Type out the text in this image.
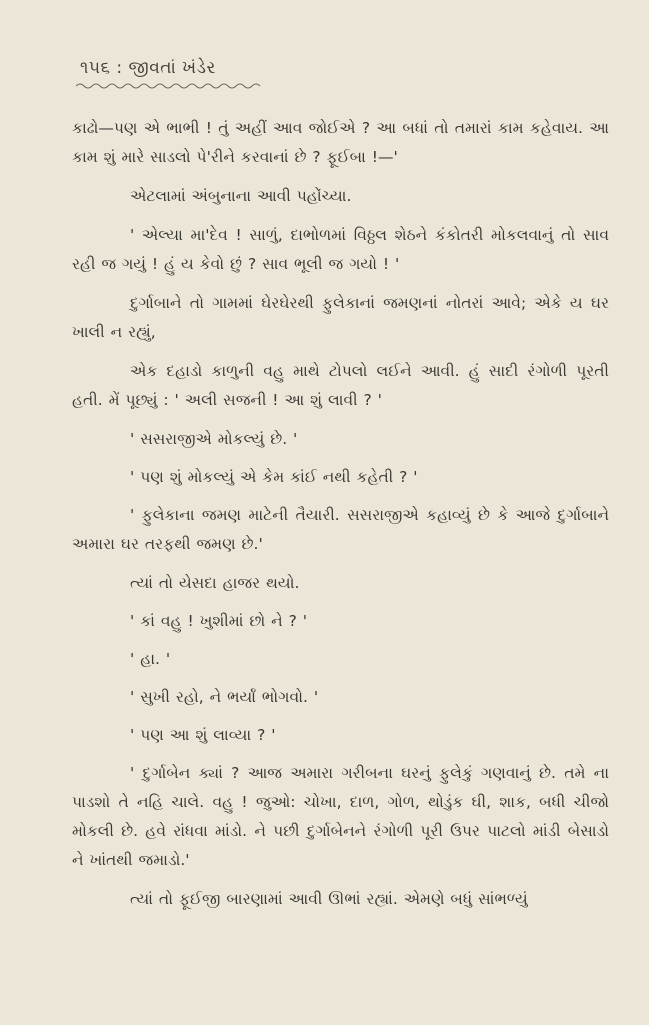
૧૫૬ : જીવતાં ખંડેર

કાઢો—પણ એ ભાભી ! તું અહીં આવ જોઈએ ? આ બધાં તો તમારાં કામ કહેવાય. આ કામ શું મારે સાડલો પે'રીને કરવાનાં છે ? ફૂઈબા !—'

એટલામાં અંબુનાના આવી પહોંચ્યા.

' એલ્યા મા'દેવ ! સાળું, દાભોળમાં વિઠ્ઠલ શેઠને કંકોતરી મોકલવાનું તો સાવ રહી જ ગયું ! હું ય કેવો છું ? સાવ ભૂલી જ ગયો ! '

દુર્ગાબાને તો ગામમાં ઘેરઘેરથી ફુલેકાનાં જમણનાં નોતરાં આવે; એકે ય ઘર ખાલી ન રહ્યું,

એક દહાડો કાળુની વહુ માથે ટોપલો લઈને આવી. હું સાદી રંગોળી પૂરતી હતી. મેં પૂછ્યું : ' અલી સજની ! આ શું લાવી ? '

' સસરાજીએ મોકલ્યું છે. '

' પણ શું મોકલ્યું એ કેમ કાંઈ નથી કહેતી ? '

' ફુલેકાના જમણ માટેની તૈયારી. સસરાજીએ કહાવ્યું છે કે આજે દુર્ગાબાને અમારા ઘર તરફથી જમણ છે.'

ત્યાં તો યેસદા હાજર થયો.

' કાં વહુ ! ખુશીમાં છો ને ? '

' હા. '

' સુખી રહો, ને ભર્યાં ભોગવો. '

' પણ આ શું લાવ્યા ? '

' દુર્ગાબેન ક્યાં ? આજ અમારા ગરીબના ઘરનું ફુલેકું ગણવાનું છે. તમે ના પાડશો તે નહિ ચાલે. વહુ ! જુઓ: ચોખા, દાળ, ગોળ, થોડુંક ઘી, શાક, બધી ચીજો મોકલી છે. હવે રાંધવા માંડો. ને પછી દુર્ગાબેનને રંગોળી પૂરી ઉપર પાટલો માંડી બેસાડો ને ખાંતથી જમાડો.'

ત્યાં તો ફૂઈજી બારણામાં આવી ઊભાં રહ્યાં. એમણે બધું સાંભળ્યું
